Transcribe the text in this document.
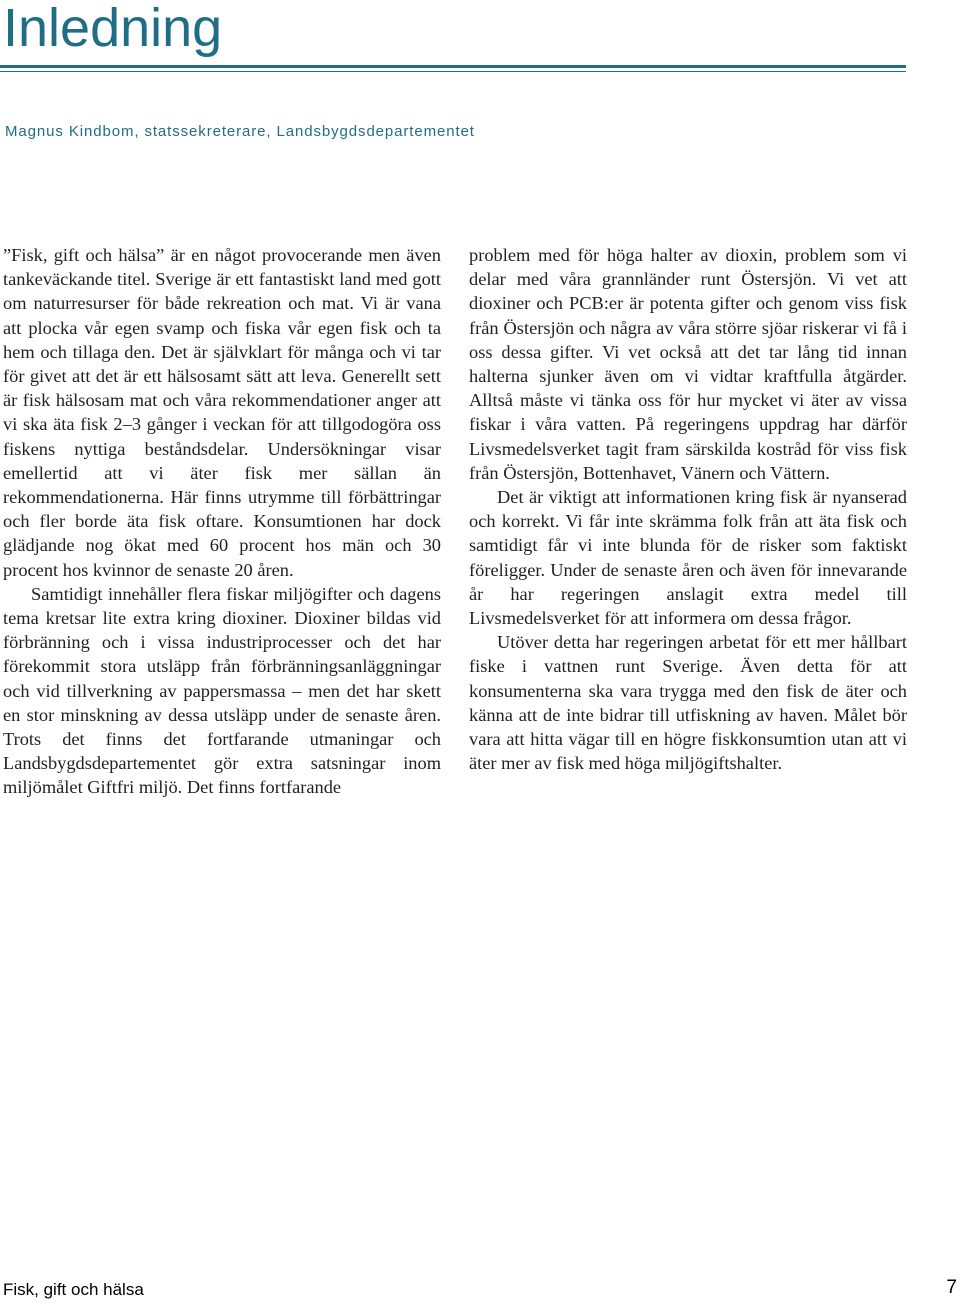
Inledning
Magnus Kindbom, statssekreterare, Landsbygdsdepartementet

”Fisk, gift och hälsa” är en något provocerande men även tankeväckande titel. Sverige är ett fantastiskt land med gott om naturresurser för både rekreation och mat. Vi är vana att plocka vår egen svamp och fiska vår egen fisk och ta hem och tillaga den. Det är självklart för många och vi tar för givet att det är ett hälsosamt sätt att leva. Generellt sett är fisk hälsosam mat och våra rekommendationer anger att vi ska äta fisk 2–3 gånger i veckan för att tillgodogöra oss fiskens nyttiga beståndsdelar. Undersökningar visar emellertid att vi äter fisk mer sällan än rekommendationerna. Här finns utrymme till förbättringar och fler borde äta fisk oftare. Konsumtionen har dock glädjande nog ökat med 60 procent hos män och 30 procent hos kvinnor de senaste 20 åren.

Samtidigt innehåller flera fiskar miljögifter och dagens tema kretsar lite extra kring dioxiner. Dioxiner bildas vid förbränning och i vissa industriprocesser och det har förekommit stora utsläpp från förbränningsanläggningar och vid tillverkning av pappersmassa – men det har skett en stor minskning av dessa utsläpp under de senaste åren. Trots det finns det fortfarande utmaningar och Landsbygdsdepartementet gör extra satsningar inom miljömålet Giftfri miljö. Det finns fortfarande

problem med för höga halter av dioxin, problem som vi delar med våra grannländer runt Östersjön. Vi vet att dioxiner och PCB:er är potenta gifter och genom viss fisk från Östersjön och några av våra större sjöar riskerar vi få i oss dessa gifter. Vi vet också att det tar lång tid innan halterna sjunker även om vi vidtar kraftfulla åtgärder. Alltså måste vi tänka oss för hur mycket vi äter av vissa fiskar i våra vatten. På regeringens uppdrag har därför Livsmedelsverket tagit fram särskilda kostråd för viss fisk från Östersjön, Bottenhavet, Vänern och Vättern.

Det är viktigt att informationen kring fisk är nyanserad och korrekt. Vi får inte skrämma folk från att äta fisk och samtidigt får vi inte blunda för de risker som faktiskt föreligger. Under de senaste åren och även för innevarande år har regeringen anslagit extra medel till Livsmedelsverket för att informera om dessa frågor.

Utöver detta har regeringen arbetat för ett mer hållbart fiske i vattnen runt Sverige. Även detta för att konsumenterna ska vara trygga med den fisk de äter och känna att de inte bidrar till utfiskning av haven. Målet bör vara att hitta vägar till en högre fiskkonsumtion utan att vi äter mer av fisk med höga miljögiftshalter.

Fisk, gift och hälsa	7
